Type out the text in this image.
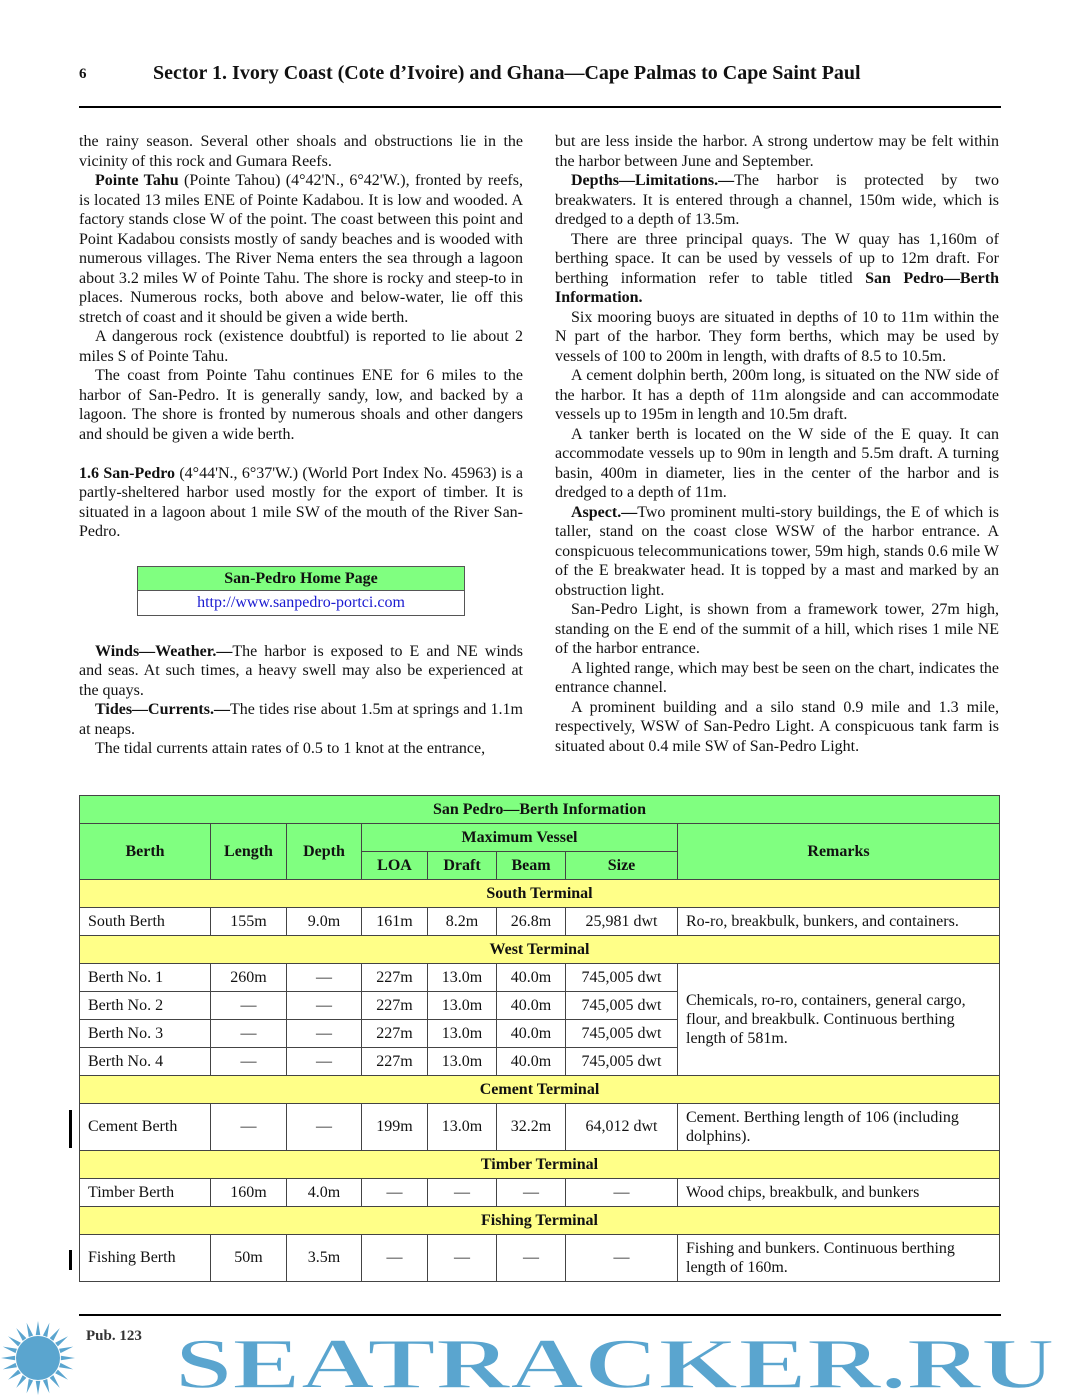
6	Sector 1. Ivory Coast (Cote d’Ivoire) and Ghana—Cape Palmas to Cape Saint Paul

the rainy season. Several other shoals and obstructions lie in the vicinity of this rock and Gumara Reefs.

Pointe Tahu (Pointe Tahou) (4°42'N., 6°42'W.), fronted by reefs, is located 13 miles ENE of Pointe Kadabou. It is low and wooded. A factory stands close W of the point. The coast between this point and Point Kadabou consists mostly of sandy beaches and is wooded with numerous villages. The River Nema enters the sea through a lagoon about 3.2 miles W of Pointe Tahu. The shore is rocky and steep-to in places. Numerous rocks, both above and below-water, lie off this stretch of coast and it should be given a wide berth.

A dangerous rock (existence doubtful) is reported to lie about 2 miles S of Pointe Tahu.

The coast from Pointe Tahu continues ENE for 6 miles to the harbor of San-Pedro. It is generally sandy, low, and backed by a lagoon. The shore is fronted by numerous shoals and other dangers and should be given a wide berth.

1.6 San-Pedro (4°44'N., 6°37'W.) (World Port Index No. 45963) is a partly-sheltered harbor used mostly for the export of timber. It is situated in a lagoon about 1 mile SW of the mouth of the River San-Pedro.

San-Pedro Home Page
http://www.sanpedro-portci.com

Winds—Weather.—The harbor is exposed to E and NE winds and seas. At such times, a heavy swell may also be experienced at the quays.

Tides—Currents.—The tides rise about 1.5m at springs and 1.1m at neaps.

The tidal currents attain rates of 0.5 to 1 knot at the entrance,

but are less inside the harbor. A strong undertow may be felt within the harbor between June and September.

Depths—Limitations.—The harbor is protected by two breakwaters. It is entered through a channel, 150m wide, which is dredged to a depth of 13.5m.

There are three principal quays. The W quay has 1,160m of berthing space. It can be used by vessels of up to 12m draft. For berthing information refer to table titled San Pedro—Berth Information.

Six mooring buoys are situated in depths of 10 to 11m within the N part of the harbor. They form berths, which may be used by vessels of 100 to 200m in length, with drafts of 8.5 to 10.5m.

A cement dolphin berth, 200m long, is situated on the NW side of the harbor. It has a depth of 11m alongside and can accommodate vessels up to 195m in length and 10.5m draft.

A tanker berth is located on the W side of the E quay. It can accommodate vessels up to 90m in length and 5.5m draft. A turning basin, 400m in diameter, lies in the center of the harbor and is dredged to a depth of 11m.

Aspect.—Two prominent multi-story buildings, the E of which is taller, stand on the coast close WSW of the harbor entrance. A conspicuous telecommunications tower, 59m high, stands 0.6 mile W of the E breakwater head. It is topped by a mast and marked by an obstruction light.

San-Pedro Light, is shown from a framework tower, 27m high, standing on the E end of the summit of a hill, which rises 1 mile NE of the harbor entrance.

A lighted range, which may best be seen on the chart, indicates the entrance channel.

A prominent building and a silo stand 0.9 mile and 1.3 mile, respectively, WSW of San-Pedro Light. A conspicuous tank farm is situated about 0.4 mile SW of San-Pedro Light.

San Pedro—Berth Information							
Berth	Length	Depth	Maximum Vessel				Remarks
			LOA	Draft	Beam	Size	
South Terminal							
South Berth	155m	9.0m	161m	8.2m	26.8m	25,981 dwt	Ro-ro, breakbulk, bunkers, and containers.
West Terminal							
Berth No. 1	260m	—	227m	13.0m	40.0m	745,005 dwt	Chemicals, ro-ro, containers, general cargo, flour, and breakbulk. Continuous berthing length of 581m.
Berth No. 2	—	—	227m	13.0m	40.0m	745,005 dwt	
Berth No. 3	—	—	227m	13.0m	40.0m	745,005 dwt	
Berth No. 4	—	—	227m	13.0m	40.0m	745,005 dwt	
Cement Terminal							
Cement Berth	—	—	199m	13.0m	32.2m	64,012 dwt	Cement. Berthing length of 106 (including dolphins).
Timber Terminal							
Timber Berth	160m	4.0m	—	—	—	—	Wood chips, breakbulk, and bunkers
Fishing Terminal							
Fishing Berth	50m	3.5m	—	—	—	—	Fishing and bunkers. Continuous berthing length of 160m.
Pub. 123 SEATRACKER.RU
